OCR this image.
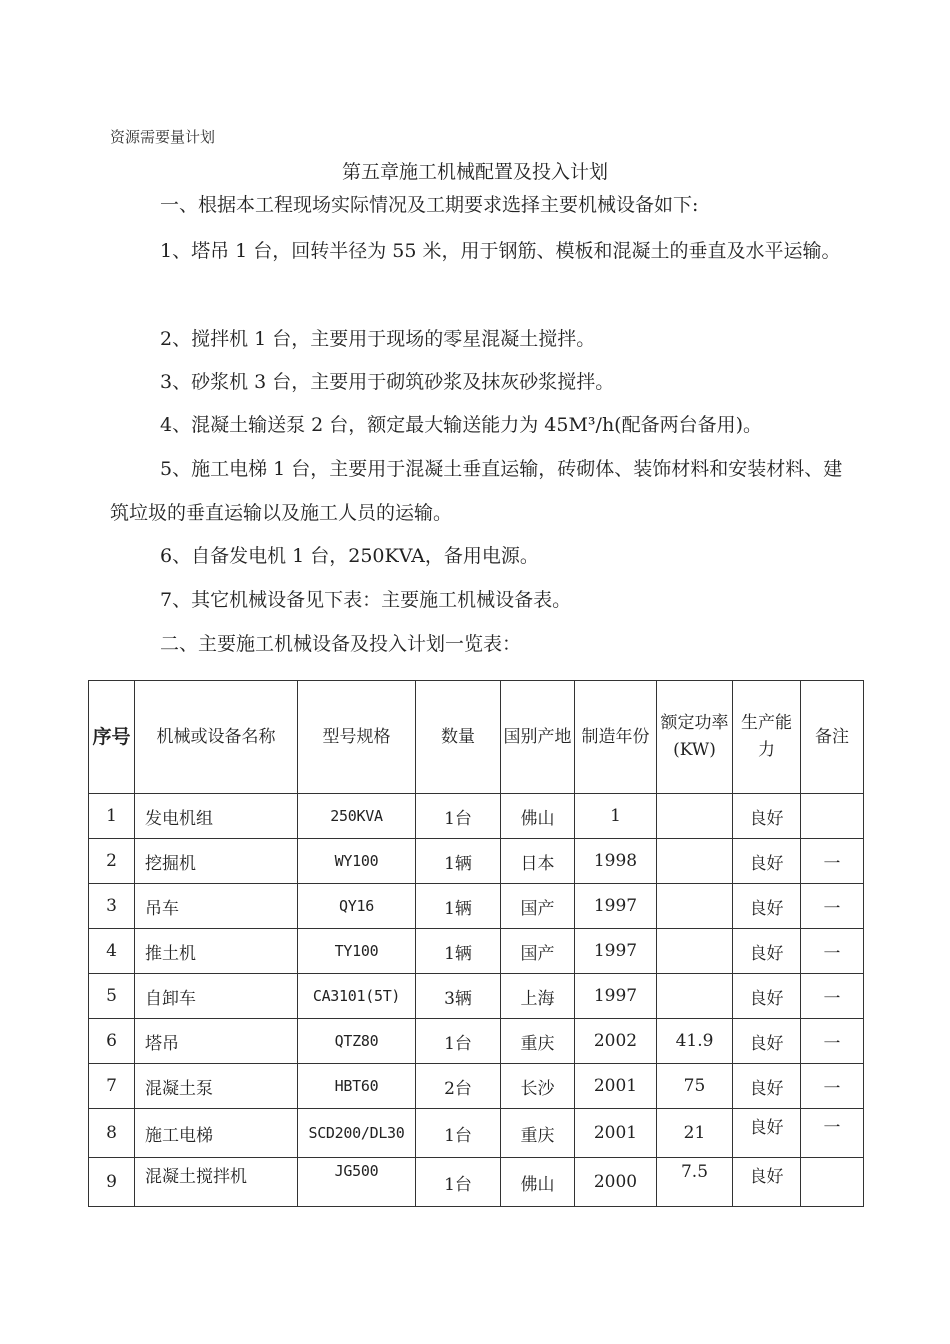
资源需要量计划
第五章施工机械配置及投入计划
一、根据本工程现场实际情况及工期要求选择主要机械设备如下:
1、塔吊 1 台，回转半径为 55 米，用于钢筋、模板和混凝土的垂直及水平运输。
2、搅拌机 1 台，主要用于现场的零星混凝土搅拌。
3、砂浆机 3 台，主要用于砌筑砂浆及抹灰砂浆搅拌。
4、混凝土输送泵 2 台，额定最大输送能力为 45M³/h(配备两台备用)。
5、施工电梯 1 台，主要用于混凝土垂直运输，砖砌体、装饰材料和安装材料、建筑垃圾的垂直运输以及施工人员的运输。
6、自备发电机 1 台，250KVA，备用电源。
7、其它机械设备见下表：主要施工机械设备表。
二、主要施工机械设备及投入计划一览表：
序号	机械或设备名称	型号规格	数量	国别产地	制造年份	额定功率(KW)	生产能力	备注
1	发电机组	250KVA	1台	佛山	1		良好	
2	挖掘机	WY100	1辆	日本	1998		良好	一
3	吊车	QY16	1辆	国产	1997		良好	一
4	推土机	TY100	1辆	国产	1997		良好	一
5	自卸车	CA3101(5T)	3辆	上海	1997		良好	一
6	塔吊	QTZ80	1台	重庆	2002	41.9	良好	一
7	混凝土泵	HBT60	2台	长沙	2001	75	良好	一
8	施工电梯	SCD200/DL30	1台	重庆	2001	21	良好	一
9	混凝土搅拌机	JG500	1台	佛山	2000	7.5	良好	
